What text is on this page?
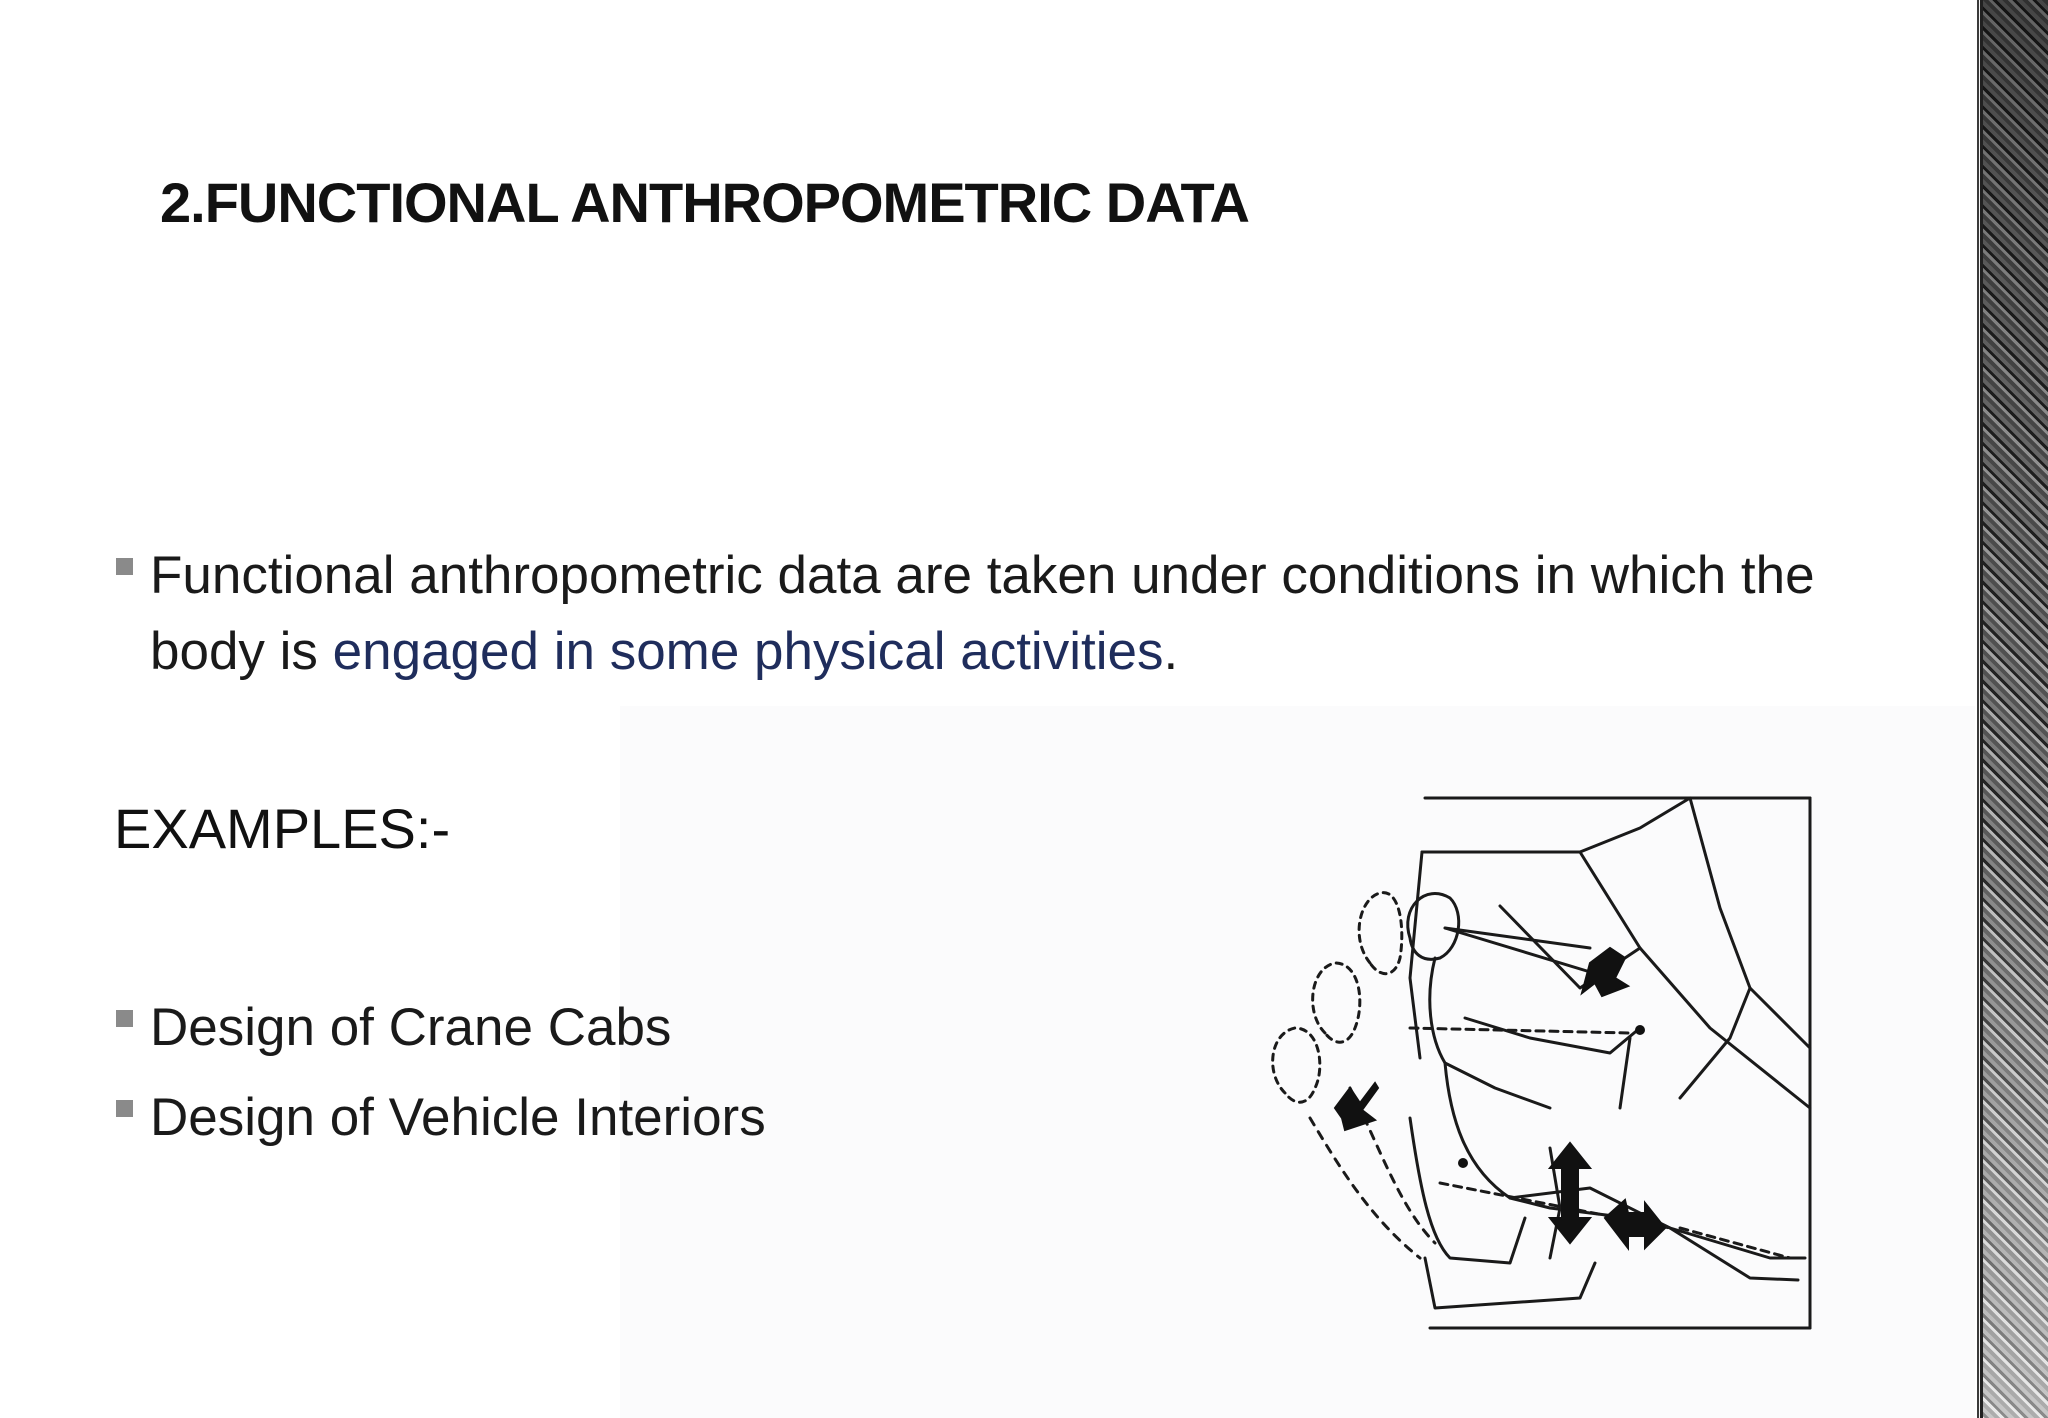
2.FUNCTIONAL ANTHROPOMETRIC DATA
Functional anthropometric data are taken under conditions in which the body is engaged in some physical activities.
EXAMPLES:-
Design of Crane Cabs
Design of Vehicle Interiors
